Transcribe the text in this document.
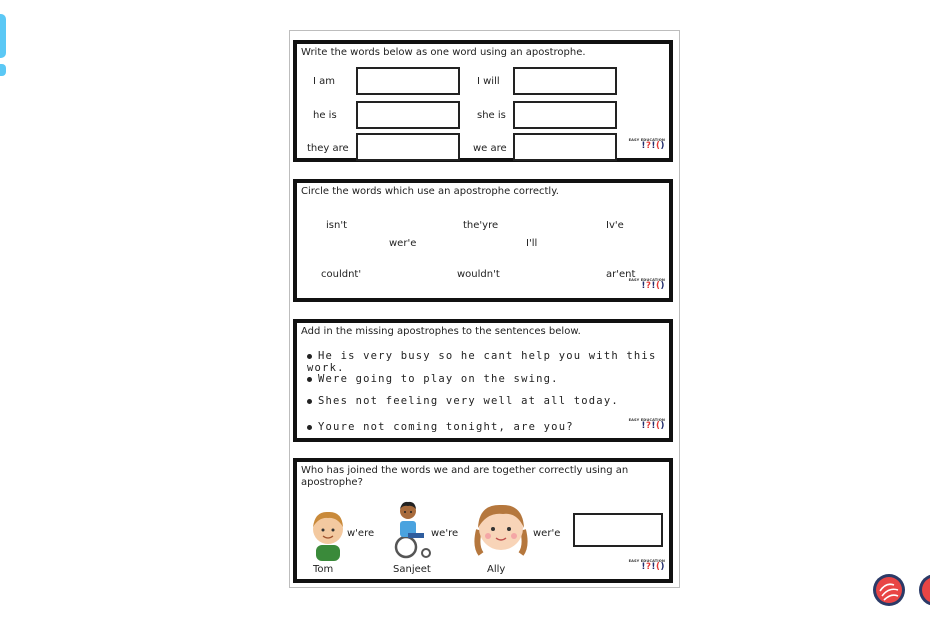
Write the words below as one word using an apostrophe.
I am	I will
he is	she is
they are	we are
EASY EDUCATION
!?!()
Circle the words which use an apostrophe correctly.
isn't	the'yre	Iv'e
wer'e	I'll
couldnt'	wouldn't	ar'ent
EASY EDUCATION
!?!()
Add in the missing apostrophes to the sentences below.
He is very busy so he cant help you with this work.
Were going to play on the swing.
Shes not feeling very well at all today.
Youre not coming tonight, are you?
EASY EDUCATION
!?!()
Who has joined the words we and are together correctly using an apostrophe?
w'ere
Tom
we're
Sanjeet
wer'e
Ally
EASY EDUCATION
!?!()
